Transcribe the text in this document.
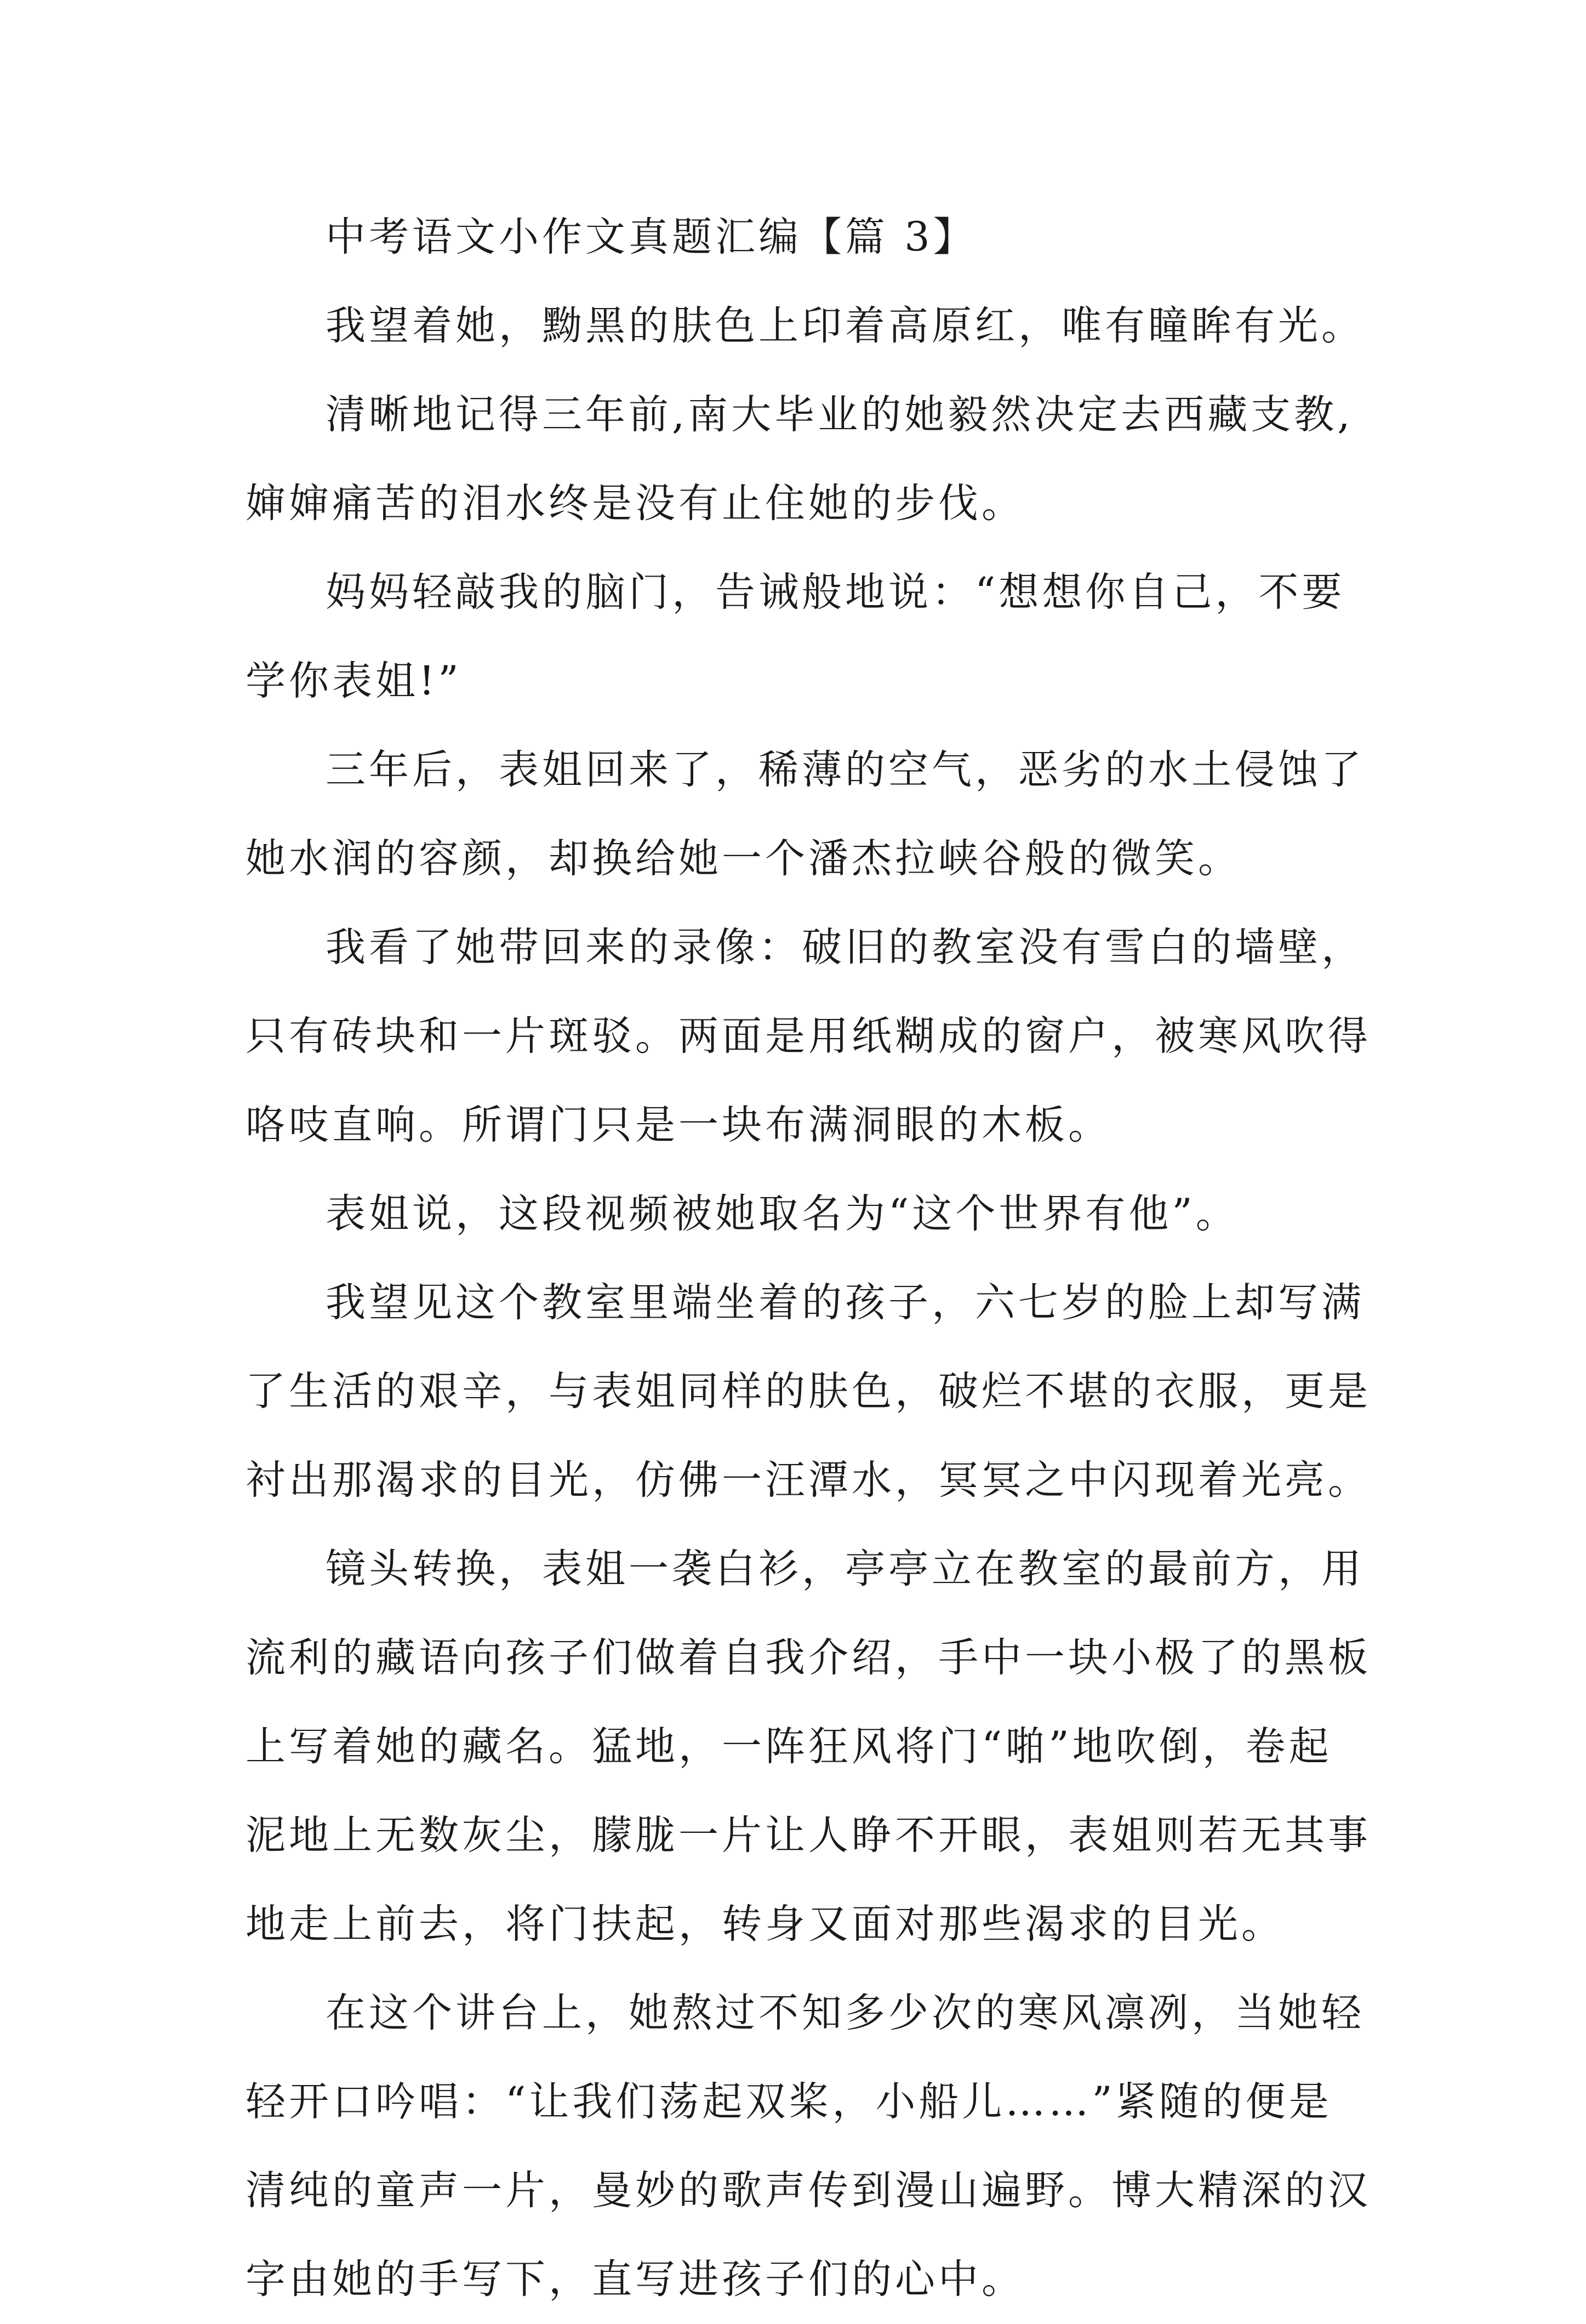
中考语文小作文真题汇编【篇 3】
我望着她，黝黑的肤色上印着高原红，唯有瞳眸有光。
清晰地记得三年前,南大毕业的她毅然决定去西藏支教,
婶婶痛苦的泪水终是没有止住她的步伐。
妈妈轻敲我的脑门，告诫般地说：“想想你自己，不要
学你表姐!”
三年后，表姐回来了，稀薄的空气，恶劣的水土侵蚀了
她水润的容颜，却换给她一个潘杰拉峡谷般的微笑。
我看了她带回来的录像：破旧的教室没有雪白的墙壁，
只有砖块和一片斑驳。两面是用纸糊成的窗户，被寒风吹得
咯吱直响。所谓门只是一块布满洞眼的木板。
表姐说，这段视频被她取名为“这个世界有他”。
我望见这个教室里端坐着的孩子，六七岁的脸上却写满
了生活的艰辛，与表姐同样的肤色，破烂不堪的衣服，更是
衬出那渴求的目光，仿佛一汪潭水，冥冥之中闪现着光亮。
镜头转换，表姐一袭白衫，亭亭立在教室的最前方，用
流利的藏语向孩子们做着自我介绍，手中一块小极了的黑板
上写着她的藏名。猛地，一阵狂风将门“啪”地吹倒，卷起
泥地上无数灰尘，朦胧一片让人睁不开眼，表姐则若无其事
地走上前去，将门扶起，转身又面对那些渴求的目光。
在这个讲台上，她熬过不知多少次的寒风凛冽，当她轻
轻开口吟唱：“让我们荡起双桨，小船儿……”紧随的便是
清纯的童声一片，曼妙的歌声传到漫山遍野。博大精深的汉
字由她的手写下，直写进孩子们的心中。
